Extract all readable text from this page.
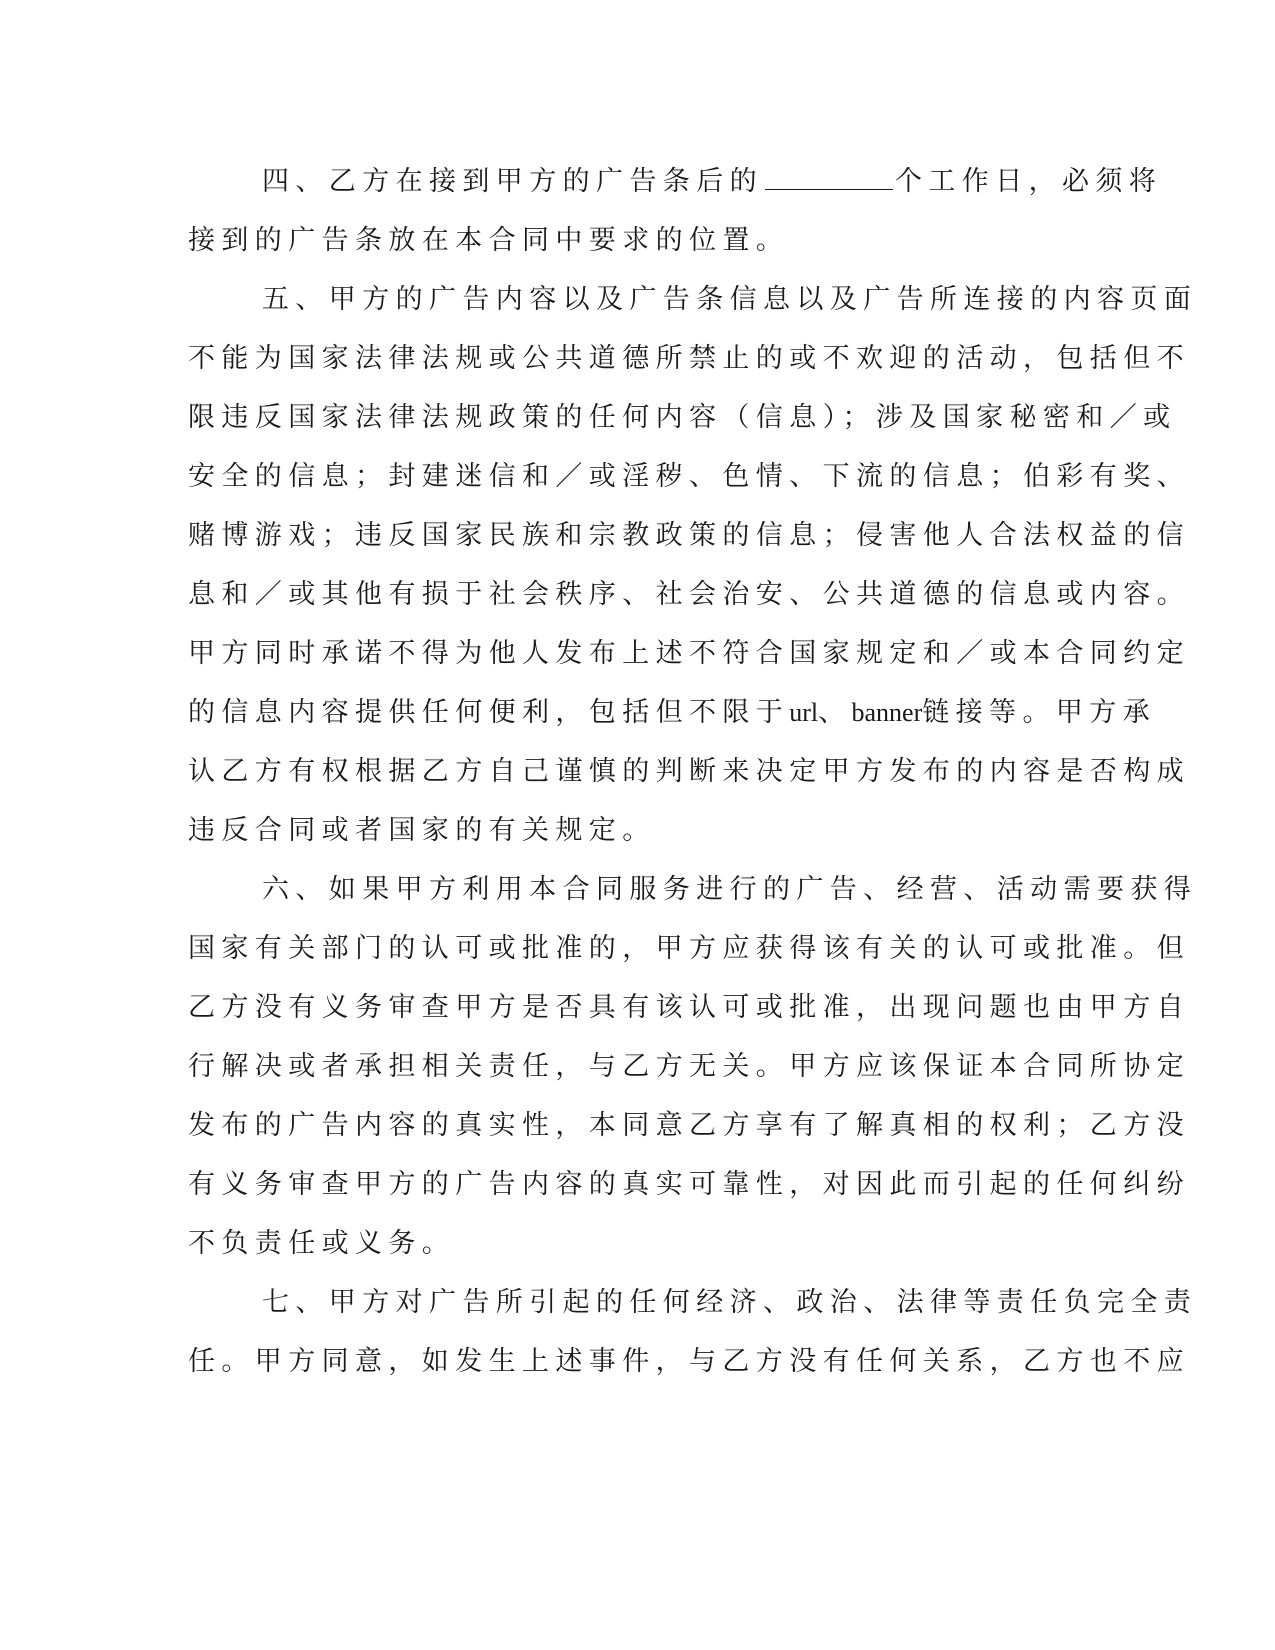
四、乙方在接到甲方的广告条后的	个工作日，必须将
接到的广告条放在本合同中要求的位置。
五、甲方的广告内容以及广告条信息以及广告所连接的内容页面
不能为国家法律法规或公共道德所禁止的或不欢迎的活动，包括但不
限违反国家法律法规政策的任何内容（信息）；涉及国家秘密和／或
安全的信息；封建迷信和／或淫秽、色情、下流的信息；伯彩有奖、
赌博游戏；违反国家民族和宗教政策的信息；侵害他人合法权益的信
息和／或其他有损于社会秩序、社会治安、公共道德的信息或内容。
甲方同时承诺不得为他人发布上述不符合国家规定和／或本合同约定
的信息内容提供任何便利，包括但不限于url、banner链接等。甲方承
认乙方有权根据乙方自己谨慎的判断来决定甲方发布的内容是否构成
违反合同或者国家的有关规定。
六、如果甲方利用本合同服务进行的广告、经营、活动需要获得
国家有关部门的认可或批准的，甲方应获得该有关的认可或批准。但
乙方没有义务审查甲方是否具有该认可或批准，出现问题也由甲方自
行解决或者承担相关责任，与乙方无关。甲方应该保证本合同所协定
发布的广告内容的真实性，本同意乙方享有了解真相的权利；乙方没
有义务审查甲方的广告内容的真实可靠性，对因此而引起的任何纠纷
不负责任或义务。
七、甲方对广告所引起的任何经济、政治、法律等责任负完全责
任。甲方同意，如发生上述事件，与乙方没有任何关系，乙方也不应
